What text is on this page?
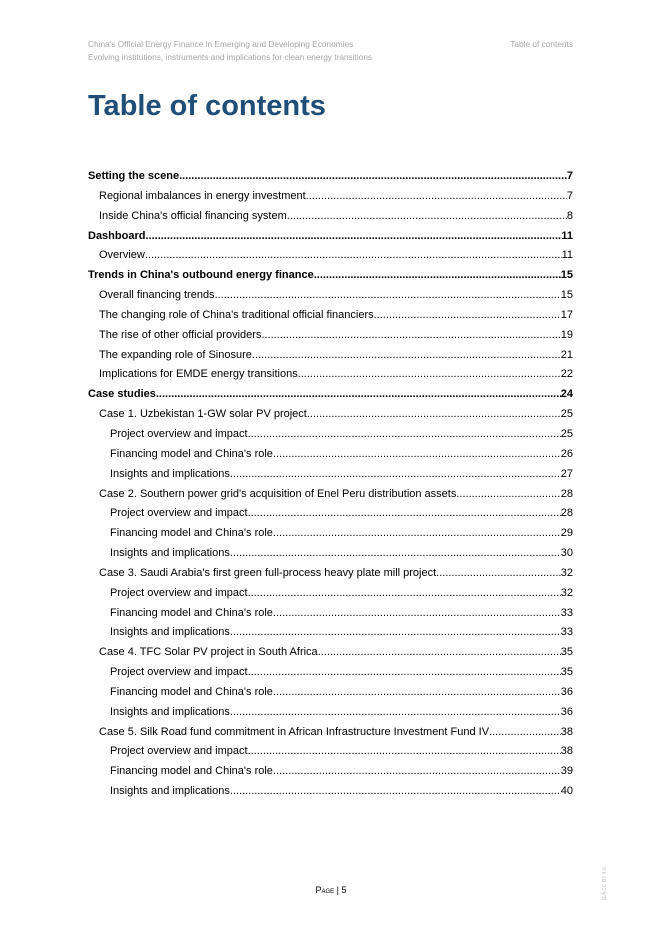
China's Official Energy Finance in Emerging and Developing Economies
Evolving institutions, instruments and implications for clean energy transitions
Table of contents
Table of contents
Setting the scene .....	7
Regional imbalances in energy investment .....	7
Inside China's official financing system .....	8
Dashboard .....	11
Overview .....	11
Trends in China's outbound energy finance .....	15
Overall financing trends .....	15
The changing role of China's traditional official financiers .....	17
The rise of other official providers .....	19
The expanding role of Sinosure .....	21
Implications for EMDE energy transitions .....	22
Case studies .....	24
Case 1. Uzbekistan 1-GW solar PV project .....	25
Project overview and impact .....	25
Financing model and China's role .....	26
Insights and implications .....	27
Case 2. Southern power grid's acquisition of Enel Peru distribution assets .....	28
Project overview and impact .....	28
Financing model and China's role .....	29
Insights and implications .....	30
Case 3. Saudi Arabia's first green full-process heavy plate mill project .....	32
Project overview and impact .....	32
Financing model and China's role .....	33
Insights and implications .....	33
Case 4. TFC Solar PV project in South Africa .....	35
Project overview and impact .....	35
Financing model and China's role .....	36
Insights and implications .....	36
Case 5. Silk Road fund commitment in African Infrastructure Investment Fund IV .....	38
Project overview and impact .....	38
Financing model and China's role .....	39
Insights and implications .....	40
Page | 5	IEA CC BY 4.0.
